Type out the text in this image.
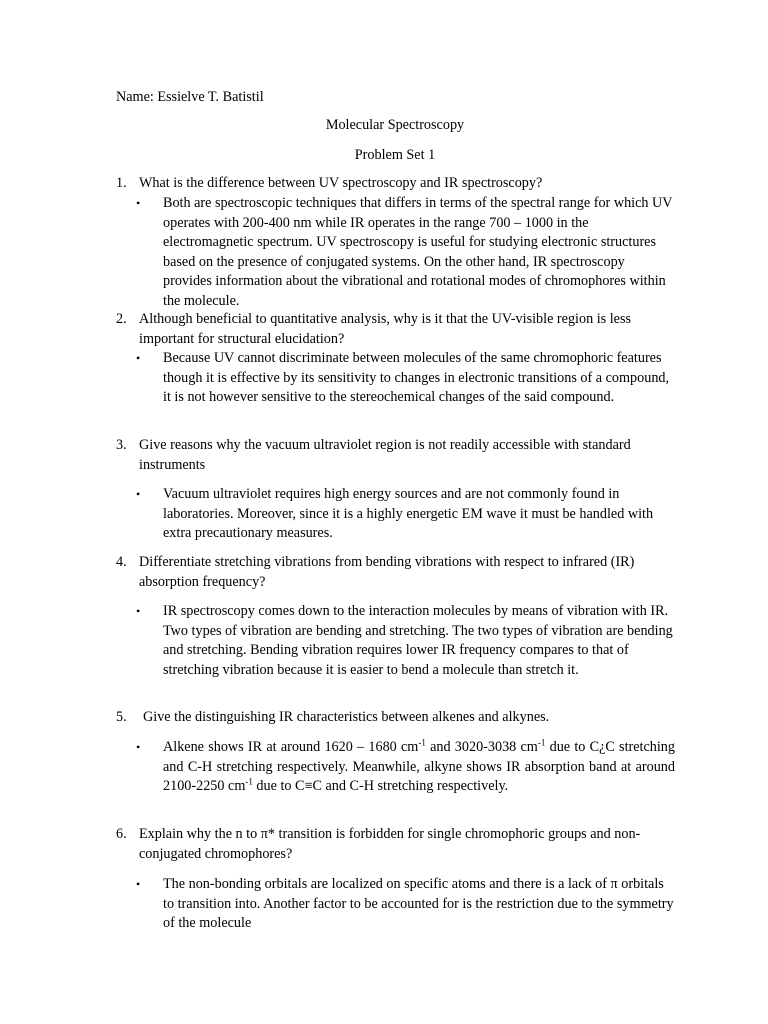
Name: Essielve T. Batistil
Molecular Spectroscopy
Problem Set 1
1. What is the difference between UV spectroscopy and IR spectroscopy?
• Both are spectroscopic techniques that differs in terms of the spectral range for which UV operates with 200-400 nm while IR operates in the range 700 – 1000 in the electromagnetic spectrum. UV spectroscopy is useful for studying electronic structures based on the presence of conjugated systems. On the other hand, IR spectroscopy provides information about the vibrational and rotational modes of chromophores within the molecule.
2. Although beneficial to quantitative analysis, why is it that the UV-visible region is less important for structural elucidation?
• Because UV cannot discriminate between molecules of the same chromophoric features though it is effective by its sensitivity to changes in electronic transitions of a compound, it is not however sensitive to the stereochemical changes of the said compound.
3. Give reasons why the vacuum ultraviolet region is not readily accessible with standard instruments
• Vacuum ultraviolet requires high energy sources and are not commonly found in laboratories. Moreover, since it is a highly energetic EM wave it must be handled with extra precautionary measures.
4. Differentiate stretching vibrations from bending vibrations with respect to infrared (IR) absorption frequency?
• IR spectroscopy comes down to the interaction molecules by means of vibration with IR. Two types of vibration are bending and stretching. The two types of vibration are bending and stretching. Bending vibration requires lower IR frequency compares to that of stretching vibration because it is easier to bend a molecule than stretch it.
5. Give the distinguishing IR characteristics between alkenes and alkynes.
• Alkene shows IR at around 1620 – 1680 $cm^{-1}$ and 3020-3038 $cm^{-1}$ due to C¿C stretching and C-H stretching respectively. Meanwhile, alkyne shows IR absorption band at around 2100-2250 $cm^{-1}$ due to C≡C and C-H stretching respectively.
6. Explain why the n to π* transition is forbidden for single chromophoric groups and non-conjugated chromophores?
• The non-bonding orbitals are localized on specific atoms and there is a lack of π orbitals to transition into. Another factor to be accounted for is the restriction due to the symmetry of the molecule
